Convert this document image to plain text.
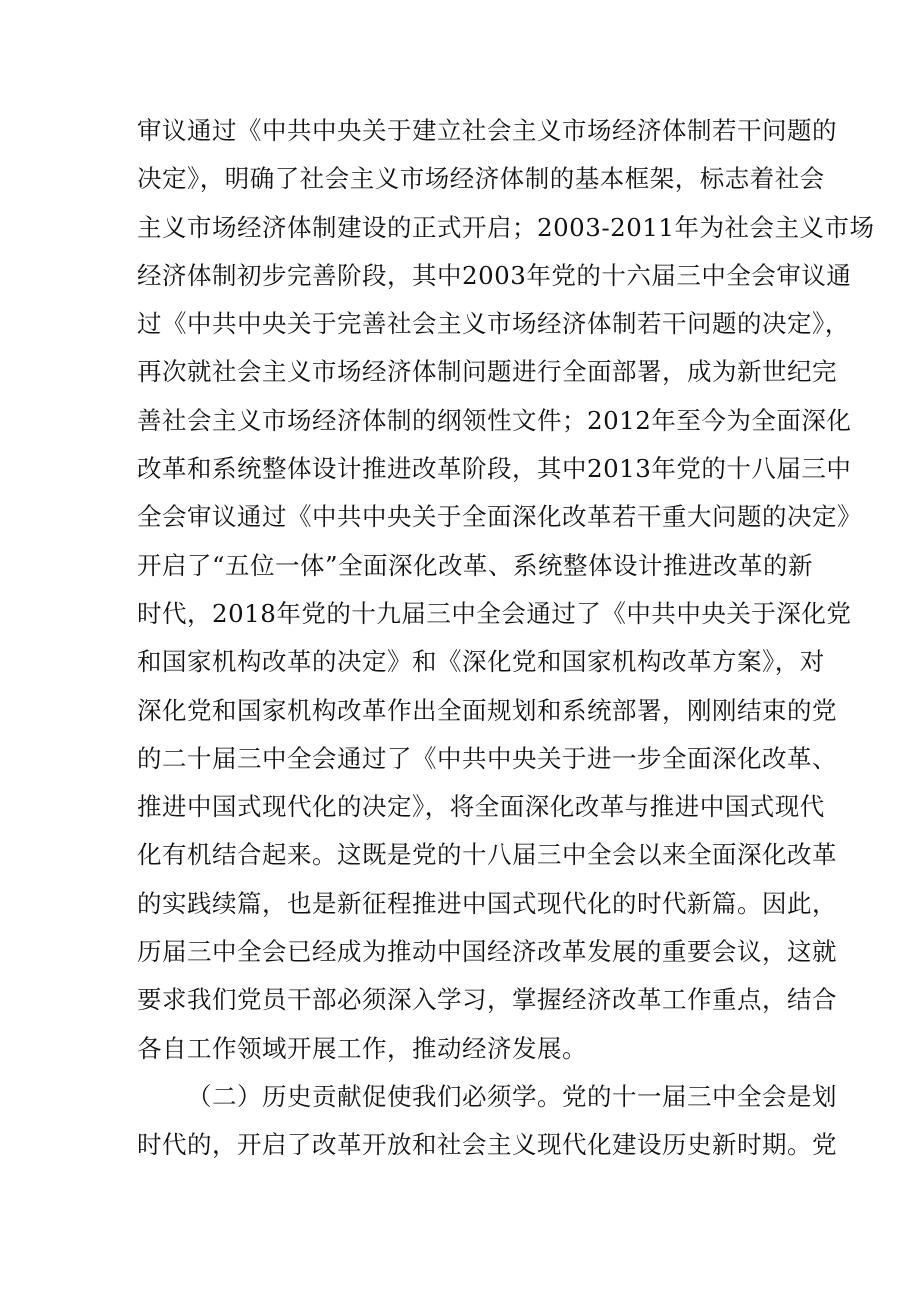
审议通过《中共中央关于建立社会主义市场经济体制若干问题的
决定》，明确了社会主义市场经济体制的基本框架，标志着社会
主义市场经济体制建设的正式开启；2003-2011年为社会主义市场
经济体制初步完善阶段，其中2003年党的十六届三中全会审议通
过《中共中央关于完善社会主义市场经济体制若干问题的决定》，
再次就社会主义市场经济体制问题进行全面部署，成为新世纪完
善社会主义市场经济体制的纲领性文件；2012年至今为全面深化
改革和系统整体设计推进改革阶段，其中2013年党的十八届三中
全会审议通过《中共中央关于全面深化改革若干重大问题的决定》
开启了“五位一体”全面深化改革、系统整体设计推进改革的新
时代，2018年党的十九届三中全会通过了《中共中央关于深化党
和国家机构改革的决定》和《深化党和国家机构改革方案》，对
深化党和国家机构改革作出全面规划和系统部署，刚刚结束的党
的二十届三中全会通过了《中共中央关于进一步全面深化改革、
推进中国式现代化的决定》，将全面深化改革与推进中国式现代
化有机结合起来。这既是党的十八届三中全会以来全面深化改革
的实践续篇，也是新征程推进中国式现代化的时代新篇。因此，
历届三中全会已经成为推动中国经济改革发展的重要会议，这就
要求我们党员干部必须深入学习，掌握经济改革工作重点，结合
各自工作领域开展工作，推动经济发展。
（二）历史贡献促使我们必须学。党的十一届三中全会是划
时代的，开启了改革开放和社会主义现代化建设历史新时期。党
